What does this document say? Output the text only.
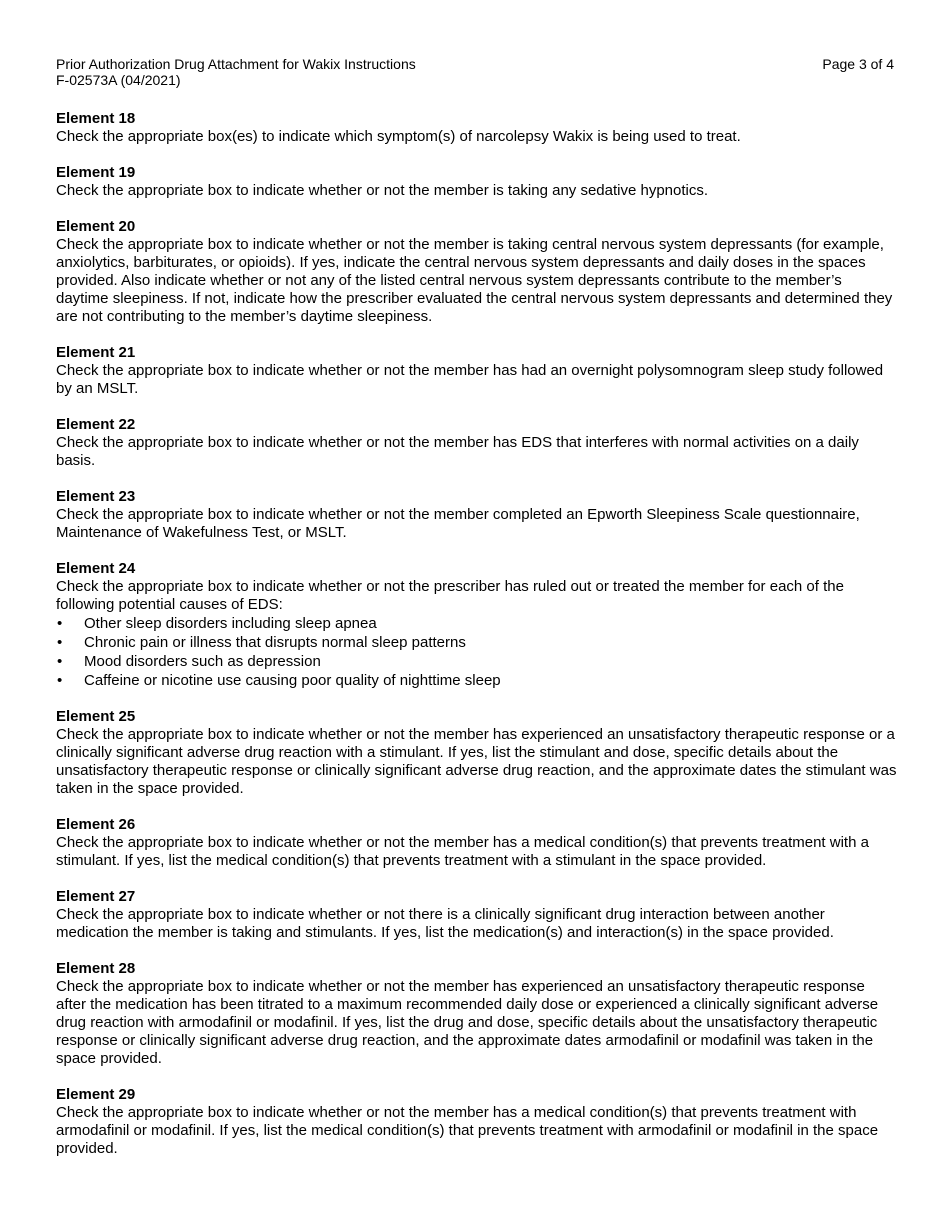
Prior Authorization Drug Attachment for Wakix Instructions
F-02573A (04/2021)
Page 3 of 4
Element 18

Check the appropriate box(es) to indicate which symptom(s) of narcolepsy Wakix is being used to treat.

Element 19

Check the appropriate box to indicate whether or not the member is taking any sedative hypnotics.

Element 20

Check the appropriate box to indicate whether or not the member is taking central nervous system depressants (for example, anxiolytics, barbiturates, or opioids). If yes, indicate the central nervous system depressants and daily doses in the spaces provided. Also indicate whether or not any of the listed central nervous system depressants contribute to the member’s daytime sleepiness. If not, indicate how the prescriber evaluated the central nervous system depressants and determined they are not contributing to the member’s daytime sleepiness.

Element 21

Check the appropriate box to indicate whether or not the member has had an overnight polysomnogram sleep study followed by an MSLT.

Element 22

Check the appropriate box to indicate whether or not the member has EDS that interferes with normal activities on a daily basis.

Element 23

Check the appropriate box to indicate whether or not the member completed an Epworth Sleepiness Scale questionnaire, Maintenance of Wakefulness Test, or MSLT.

Element 24

Check the appropriate box to indicate whether or not the prescriber has ruled out or treated the member for each of the following potential causes of EDS:

• Other sleep disorders including sleep apnea
• Chronic pain or illness that disrupts normal sleep patterns
• Mood disorders such as depression
• Caffeine or nicotine use causing poor quality of nighttime sleep
Element 25

Check the appropriate box to indicate whether or not the member has experienced an unsatisfactory therapeutic response or a clinically significant adverse drug reaction with a stimulant. If yes, list the stimulant and dose, specific details about the unsatisfactory therapeutic response or clinically significant adverse drug reaction, and the approximate dates the stimulant was taken in the space provided.

Element 26

Check the appropriate box to indicate whether or not the member has a medical condition(s) that prevents treatment with a stimulant. If yes, list the medical condition(s) that prevents treatment with a stimulant in the space provided.

Element 27

Check the appropriate box to indicate whether or not there is a clinically significant drug interaction between another medication the member is taking and stimulants. If yes, list the medication(s) and interaction(s) in the space provided.

Element 28

Check the appropriate box to indicate whether or not the member has experienced an unsatisfactory therapeutic response after the medication has been titrated to a maximum recommended daily dose or experienced a clinically significant adverse drug reaction with armodafinil or modafinil. If yes, list the drug and dose, specific details about the unsatisfactory therapeutic response or clinically significant adverse drug reaction, and the approximate dates armodafinil or modafinil was taken in the space provided.

Element 29

Check the appropriate box to indicate whether or not the member has a medical condition(s) that prevents treatment with armodafinil or modafinil. If yes, list the medical condition(s) that prevents treatment with armodafinil or modafinil in the space provided.
